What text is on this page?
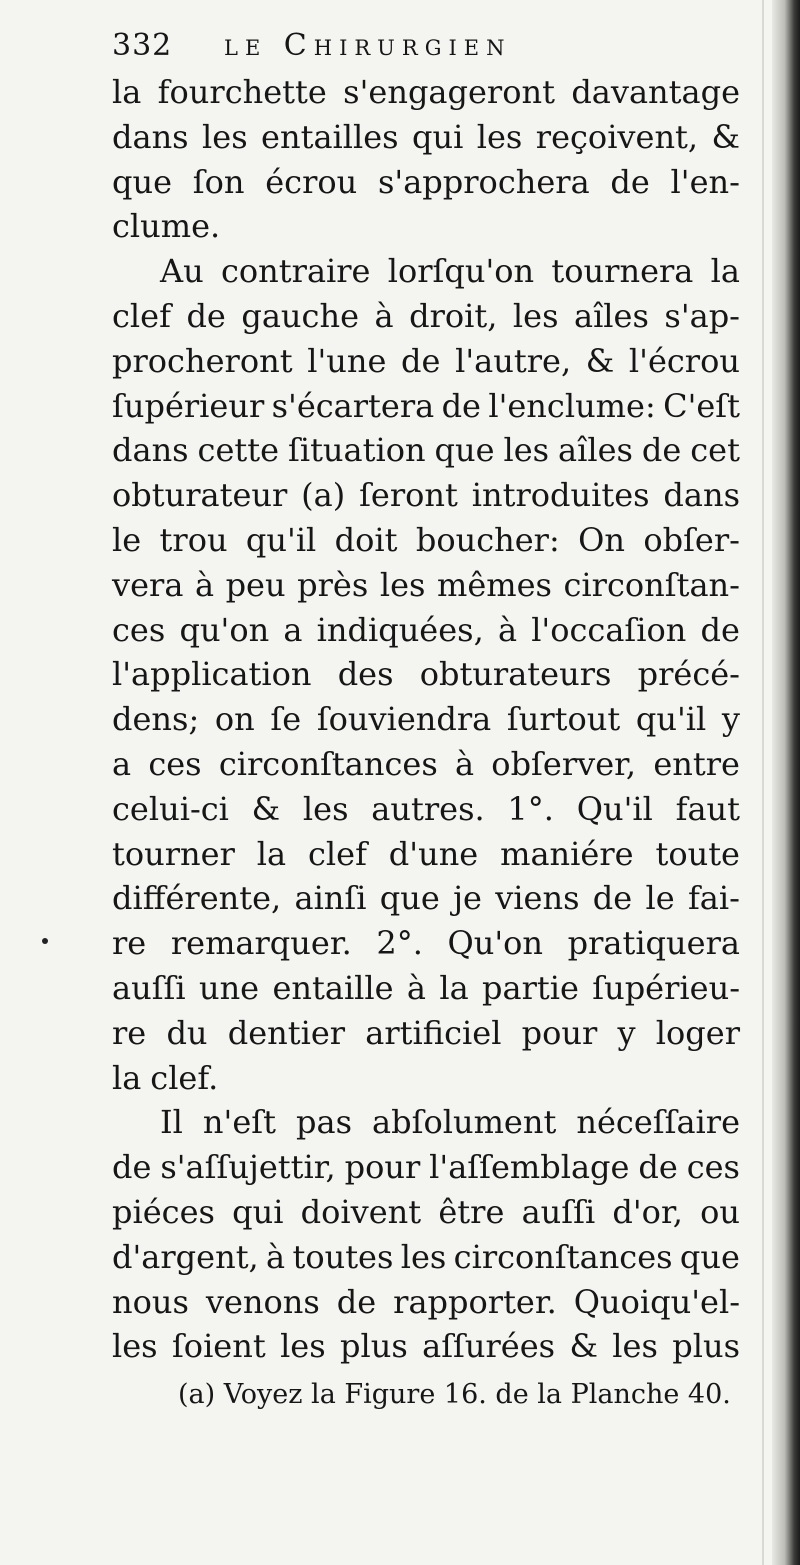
332	le Chirurgien
la fourchette s'engageront davantage
dans les entailles qui les reçoivent, &
que ſon écrou s'approchera de l'en-
clume.
Au contraire lorſqu'on tournera la
clef de gauche à droit, les aîles s'ap-
procheront l'une de l'autre, & l'écrou
ſupérieur s'écartera de l'enclume: C'eſt
dans cette ſituation que les aîles de cet
obturateur (a) ſeront introduites dans
le trou qu'il doit boucher: On obſer-
vera à peu près les mêmes circonſtan-
ces qu'on a indiquées, à l'occaſion de
l'application des obturateurs précé-
dens; on ſe ſouviendra ſurtout qu'il y
a ces circonſtances à obſerver, entre
celui-ci & les autres. 1°. Qu'il faut
tourner la clef d'une maniére toute
différente, ainſi que je viens de le fai-
re remarquer. 2°. Qu'on pratiquera
auſſi une entaille à la partie ſupérieu-
re du dentier artificiel pour y loger
la clef.
Il n'eſt pas abſolument néceſſaire
de s'aſſujettir, pour l'aſſemblage de ces
piéces qui doivent être auſſi d'or, ou
d'argent, à toutes les circonſtances que
nous venons de rapporter. Quoiqu'el-
les ſoient les plus aſſurées & les plus
(a) Voyez la Figure 16. de la Planche 40.
